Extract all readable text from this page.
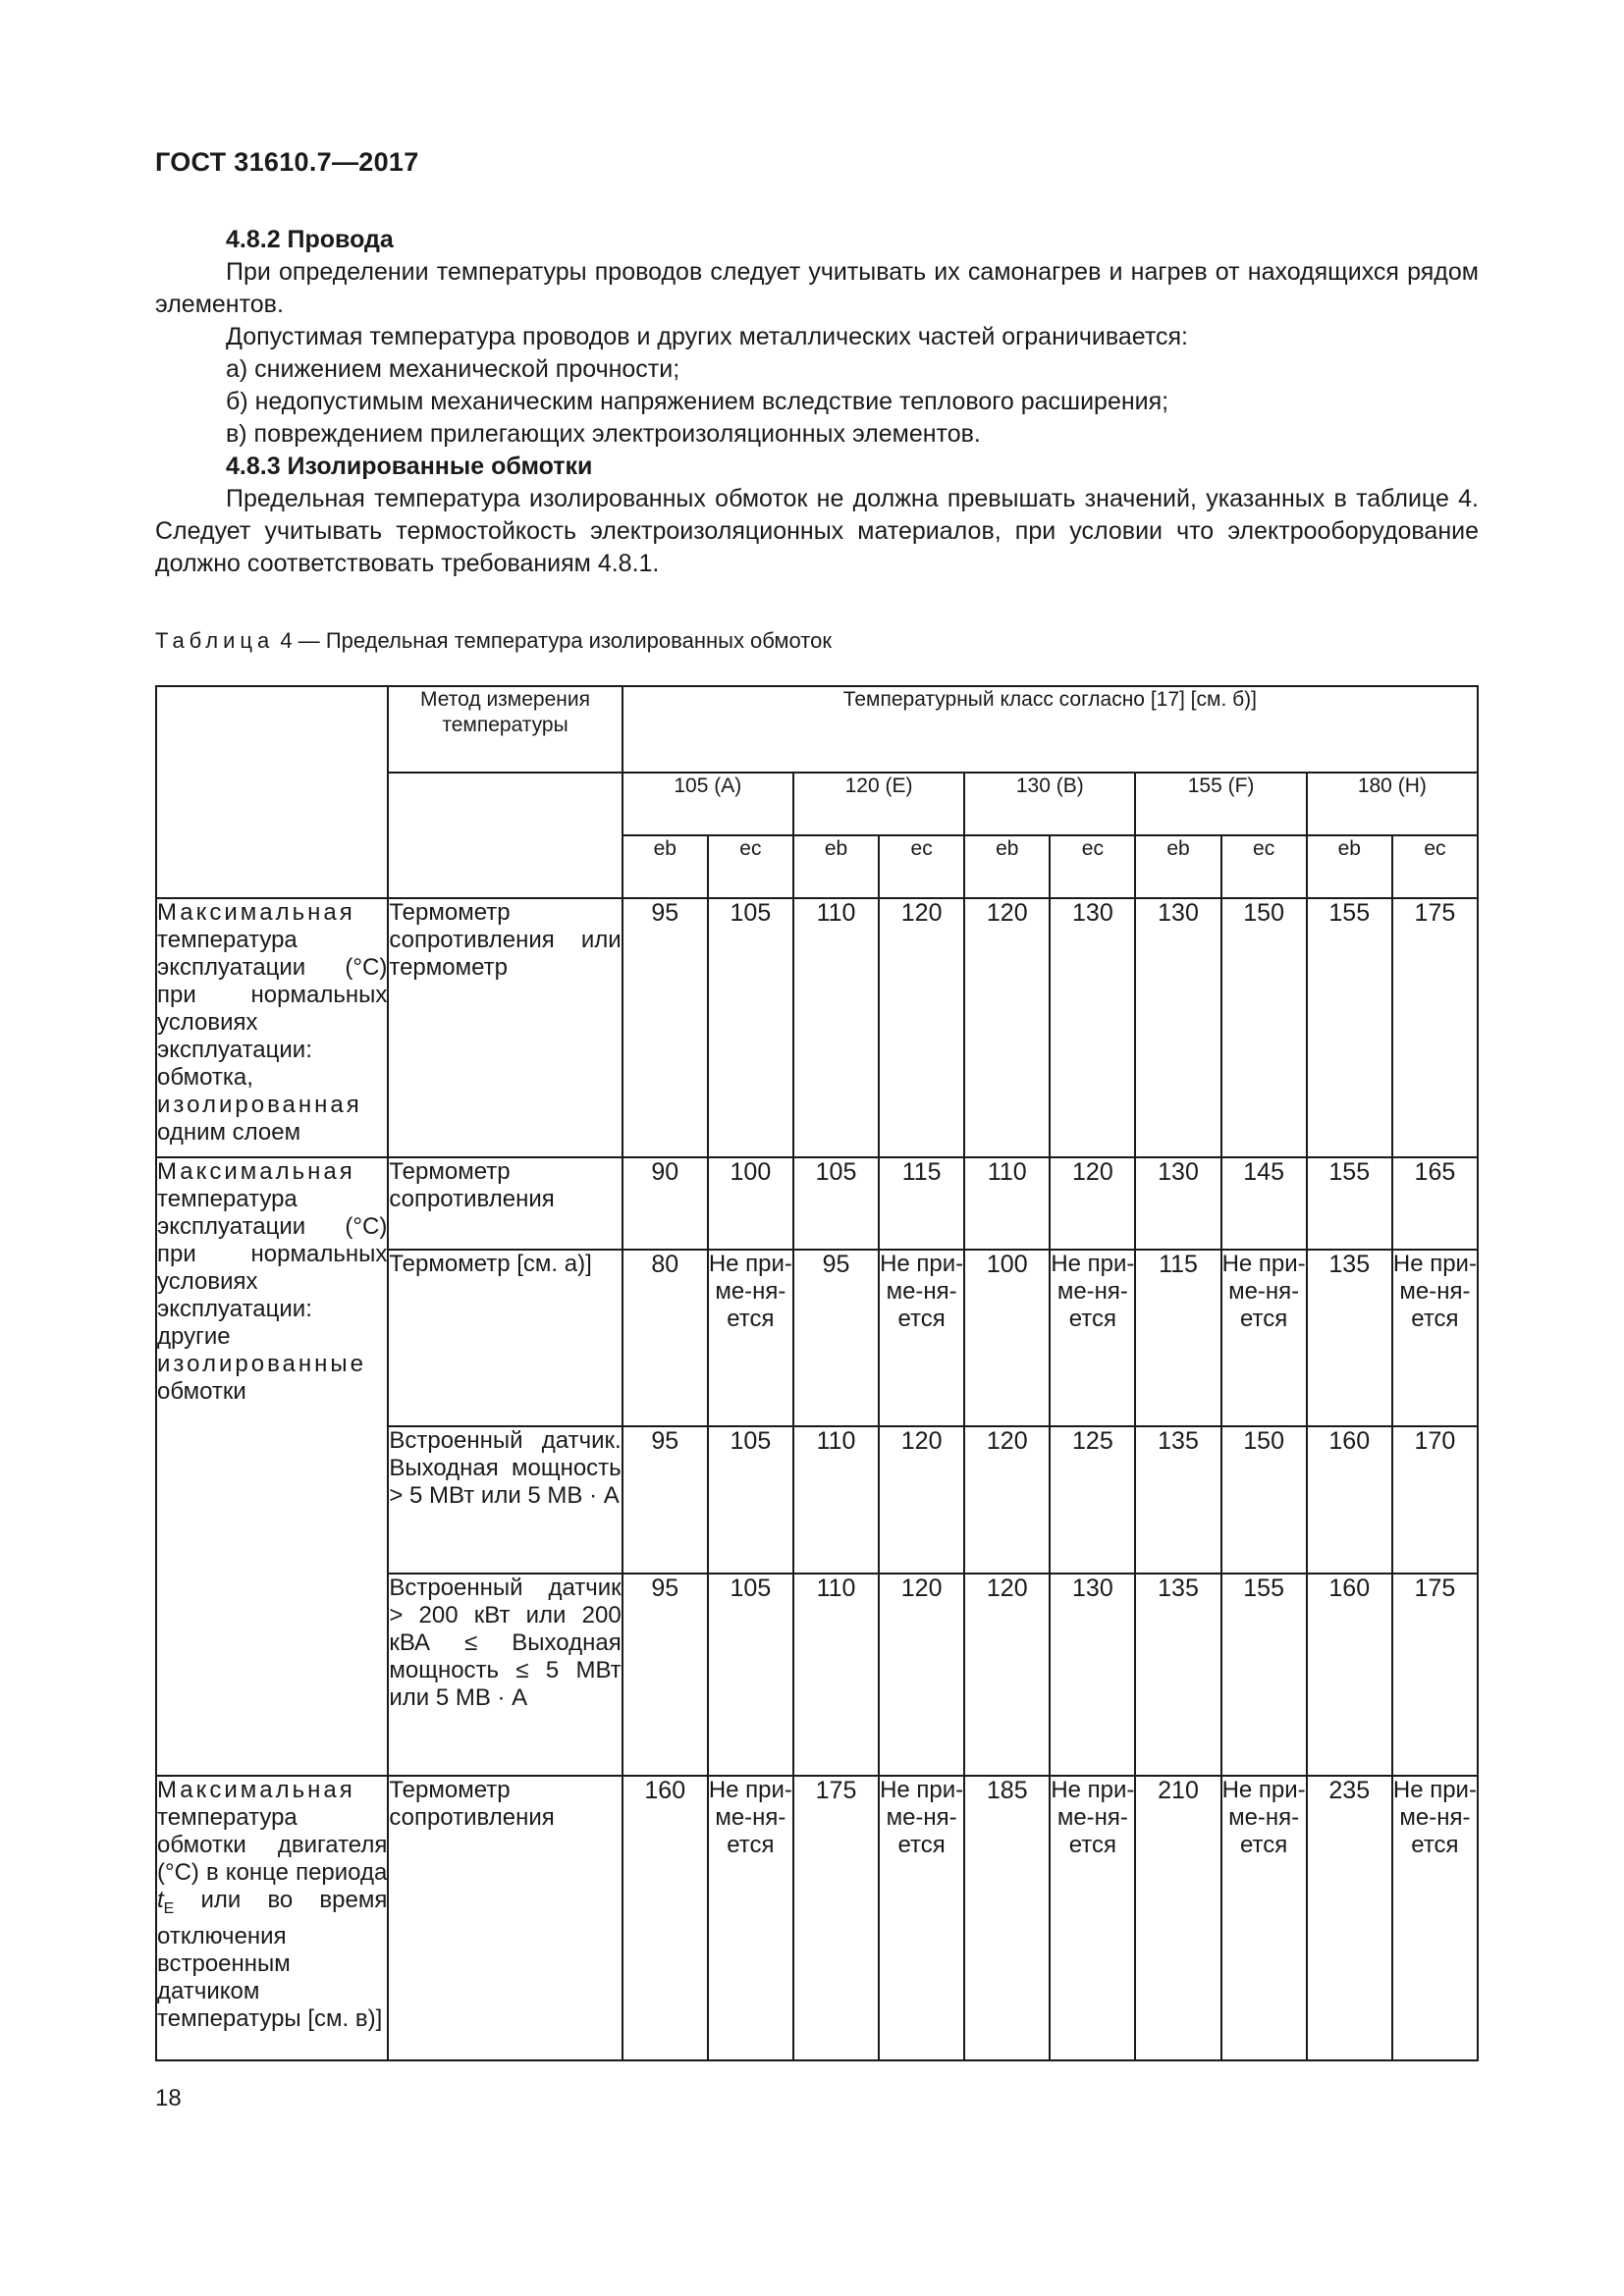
ГОСТ 31610.7—2017

4.8.2 Провода

При определении температуры проводов следует учитывать их самонагрев и нагрев от находящихся рядом элементов.

Допустимая температура проводов и других металлических частей ограничивается:

а) снижением механической прочности;

б) недопустимым механическим напряжением вследствие теплового расширения;

в) повреждением прилегающих электроизоляционных элементов.

4.8.3 Изолированные обмотки

Предельная температура изолированных обмоток не должна превышать значений, указанных в таблице 4. Следует учитывать термостойкость электроизоляционных материалов, при условии что электрооборудование должно соответствовать требованиям 4.8.1.

Таблица 4 — Предельная температура изолированных обмоток
	Метод измерения температуры	Температурный класс согласно [17] [см. б)]									
		105 (A)		120 (E)		130 (B)		155 (F)		180 (H)	
		eb	ec	eb	ec	eb	ec	eb	ec	eb	ec
Максимальная температура эксплуатации (°C) при нормальных условиях эксплуатации: обмотка, изолированная одним слоем	Термометр сопротивления или термометр	95	105	110	120	120	130	130	150	155	175
Максимальная температура эксплуатации (°C) при нормальных условиях эксплуатации: другие изолированные обмотки	Термометр сопротивления	90	100	105	115	110	120	130	145	155	165
	Термометр [см. а)]	80	Не при-ме-ня-ется	95	Не при-ме-ня-ется	100	Не при-ме-ня-ется	115	Не при-ме-ня-ется	135	Не при-ме-ня-ется

	Встроенный датчик. Выходная мощность > 5 МВт или 5 МВ · А	95	105	110	120	120	125	135	150	160	170
	Встроенный датчик > 200 кВт или 200 кВА ≤ Выходная мощность ≤ 5 МВт или 5 МВ · А	95	105	110	120	120	130	135	155	160	175
Максимальная температура обмотки двигателя (°C) в конце периода $t_E$ или во время отключения встроенным датчиком температуры [см. в)]	Термометр сопротивления	160	Не при-ме-ня-ется	175	Не при-ме-ня-ется	185	Не при-ме-ня-ется	210	Не при-ме-ня-ется	235	Не при-ме-ня-ется
18
